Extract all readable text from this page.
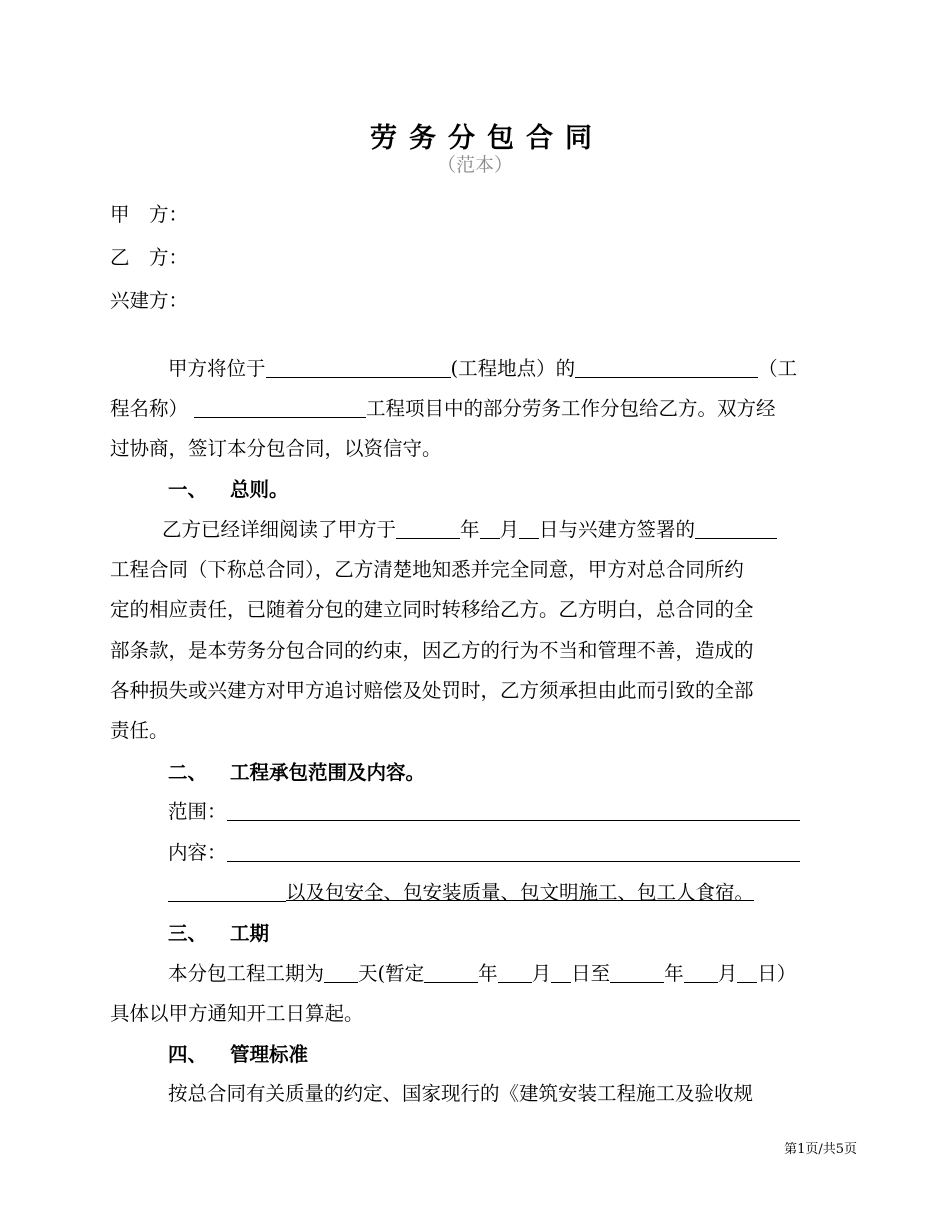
劳务分包合同
（范本）
甲　方：
乙　方：
兴建方：
甲方将位于	(工程地点）的	（工
程名称）	工程项目中的部分劳务工作分包给乙方。双方经
过协商，签订本分包合同，以资信守。
一、 总则。
乙方已经详细阅读了甲方于	年 月 日与兴建方签署的
工程合同（下称总合同），乙方清楚地知悉并完全同意，甲方对总合同所约
定的相应责任，已随着分包的建立同时转移给乙方。乙方明白，总合同的全
部条款，是本劳务分包合同的约束，因乙方的行为不当和管理不善，造成的
各种损失或兴建方对甲方追讨赔偿及处罚时，乙方须承担由此而引致的全部
责任。
二、 工程承包范围及内容。
范围：
内容：
以及包安全、包安装质量、包文明施工、包工人食宿。
三、 工期
本分包工程工期为 天(暂定	年 月 日至	年 月 日）
具体以甲方通知开工日算起。
四、 管理标准
按总合同有关质量的约定、国家现行的《建筑安装工程施工及验收规
第1页/共5页
